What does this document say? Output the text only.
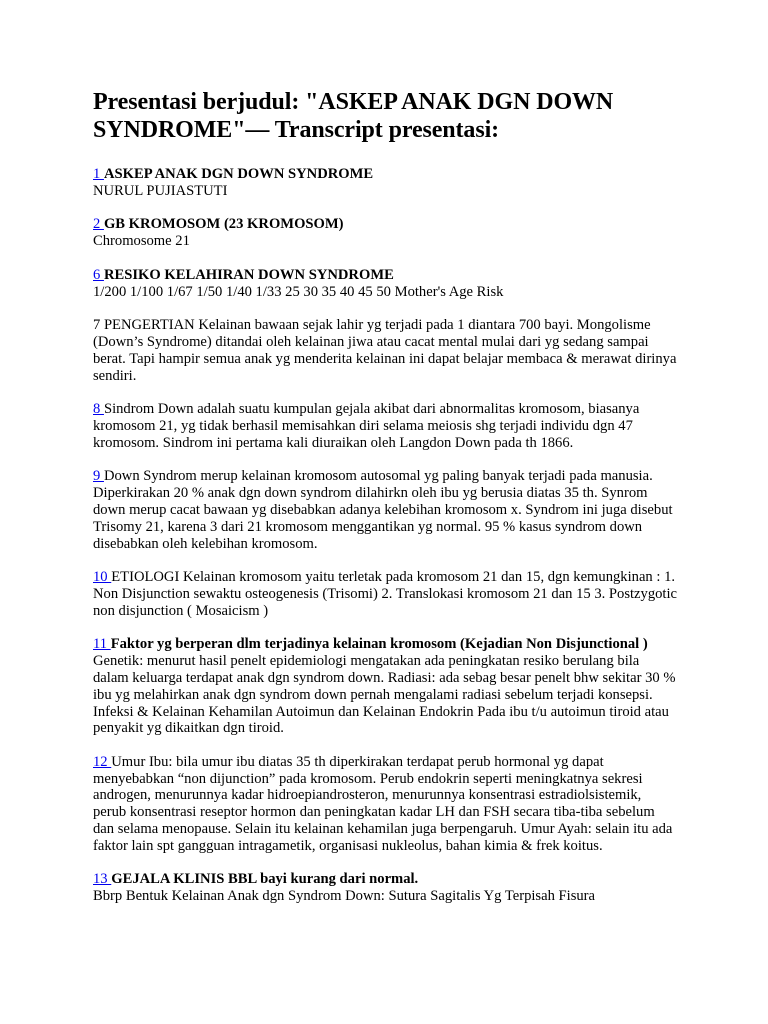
Presentasi berjudul: "ASKEP ANAK DGN DOWN SYNDROME"— Transcript presentasi:
1 ASKEP ANAK DGN DOWN SYNDROME
NURUL PUJIASTUTI
2 GB KROMOSOM (23 KROMOSOM)
Chromosome 21
6 RESIKO KELAHIRAN DOWN SYNDROME
1/200 1/100 1/67 1/50 1/40 1/33 25 30 35 40 45 50 Mother's Age Risk
7 PENGERTIAN Kelainan bawaan sejak lahir yg terjadi pada 1 diantara 700 bayi. Mongolisme (Down’s Syndrome) ditandai oleh kelainan jiwa atau cacat mental mulai dari yg sedang sampai berat. Tapi hampir semua anak yg menderita kelainan ini dapat belajar membaca & merawat dirinya sendiri.
8 Sindrom Down adalah suatu kumpulan gejala akibat dari abnormalitas kromosom, biasanya kromosom 21, yg tidak berhasil memisahkan diri selama meiosis shg terjadi individu dgn 47 kromosom. Sindrom ini pertama kali diuraikan oleh Langdon Down pada th 1866.
9 Down Syndrom merup kelainan kromosom autosomal yg paling banyak terjadi pada manusia. Diperkirakan 20 % anak dgn down syndrom dilahirkn oleh ibu yg berusia diatas 35 th. Synrom down merup cacat bawaan yg disebabkan adanya kelebihan kromosom x. Syndrom ini juga disebut Trisomy 21, karena 3 dari 21 kromosom menggantikan yg normal. 95 % kasus syndrom down disebabkan oleh kelebihan kromosom.
10 ETIOLOGI Kelainan kromosom yaitu terletak pada kromosom 21 dan 15, dgn kemungkinan : 1. Non Disjunction sewaktu osteogenesis (Trisomi) 2. Translokasi kromosom 21 dan 15 3. Postzygotic non disjunction ( Mosaicism )
11 Faktor yg berperan dlm terjadinya kelainan kromosom (Kejadian Non Disjunctional )
Genetik: menurut hasil penelt epidemiologi mengatakan ada peningkatan resiko berulang bila dalam keluarga terdapat anak dgn syndrom down. Radiasi: ada sebag besar penelt bhw sekitar 30 % ibu yg melahirkan anak dgn syndrom down pernah mengalami radiasi sebelum terjadi konsepsi. Infeksi & Kelainan Kehamilan Autoimun dan Kelainan Endokrin Pada ibu t/u autoimun tiroid atau penyakit yg dikaitkan dgn tiroid.
12 Umur Ibu: bila umur ibu diatas 35 th diperkirakan terdapat perub hormonal yg dapat menyebabkan “non dijunction” pada kromosom. Perub endokrin seperti meningkatnya sekresi androgen, menurunnya kadar hidroepiandrosteron, menurunnya konsentrasi estradiolsistemik, perub konsentrasi reseptor hormon dan peningkatan kadar LH dan FSH secara tiba-tiba sebelum dan selama menopause. Selain itu kelainan kehamilan juga berpengaruh. Umur Ayah: selain itu ada faktor lain spt gangguan intragametik, organisasi nukleolus, bahan kimia & frek koitus.
13 GEJALA KLINIS BBL bayi kurang dari normal.
Bbrp Bentuk Kelainan Anak dgn Syndrom Down: Sutura Sagitalis Yg Terpisah Fisura
